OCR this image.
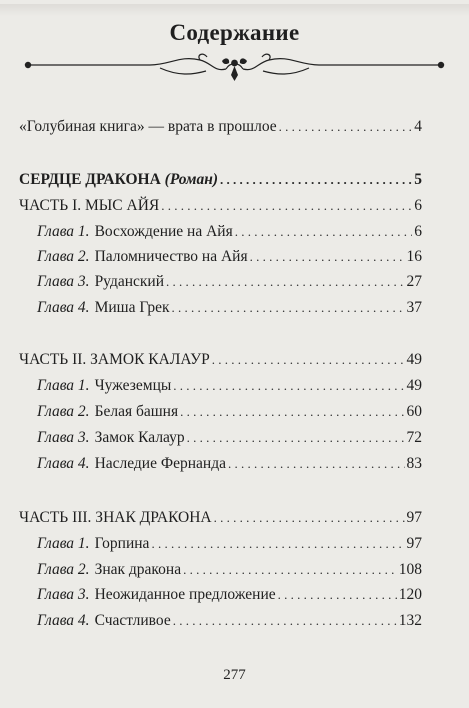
Содержание
«Голубиная книга» — врата в прошлое . . .	4
СЕРДЦЕ ДРАКОНА (Роман) . . .	5
ЧАСТЬ I. МЫС АЙЯ . . .	6
Глава 1. Восхождение на Айя . . .	6
Глава 2. Паломничество на Айя . . .	16
Глава 3. Руданский . . .	27
Глава 4. Миша Грек . . .	37
ЧАСТЬ II. ЗАМОК КАЛАУР . . .	49
Глава 1. Чужеземцы . . .	49
Глава 2. Белая башня . . .	60
Глава 3. Замок Калаур . . .	72
Глава 4. Наследие Фернанда . . .	83
ЧАСТЬ III. ЗНАК ДРАКОНА . . .	97
Глава 1. Горпина . . .	97
Глава 2. Знак дракона . . .	108
Глава 3. Неожиданное предложение . . .	120
Глава 4. Счастливое . . .	132
277
